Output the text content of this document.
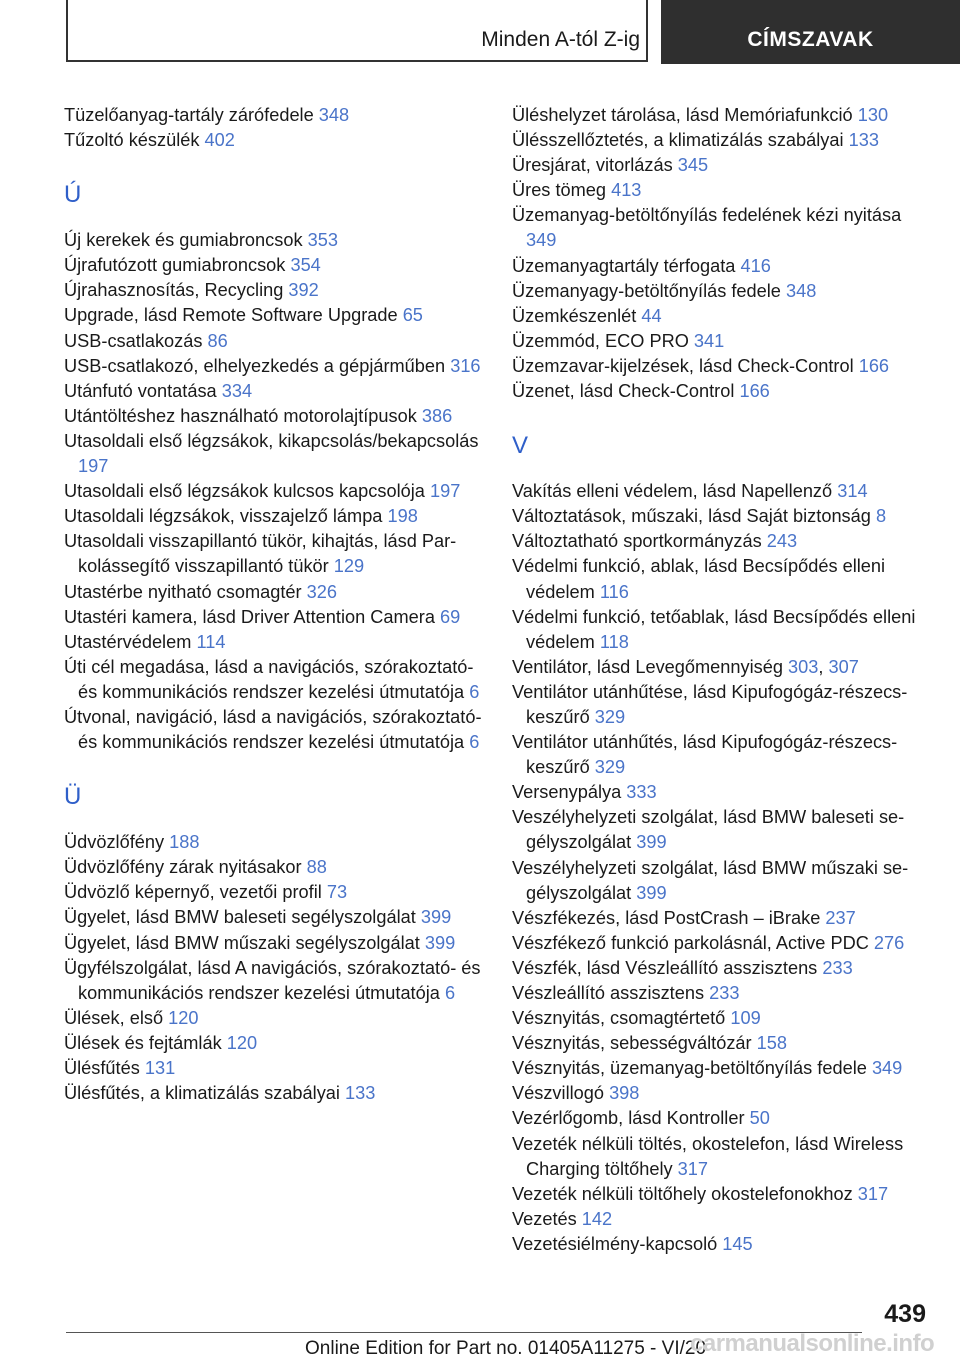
Minden A-tól Z-ig	CÍMSZAVAK
Tüzelőanyag-tartály zárófedele 348
Tűzoltó készülék 402
Ú
Új kerekek és gumiabroncsok 353
Újrafutózott gumiabroncsok 354
Újrahasznosítás, Recycling 392
Upgrade, lásd Remote Software Upgrade 65
USB-csatlakozás 86
USB-csatlakozó, elhelyezkedés a gépjárműben 316
Utánfutó vontatása 334
Utántöltéshez használható motorolajtípusok 386
Utasoldali első légzsákok, kikapcsolás/bekapcsolás 197
Utasoldali első légzsákok kulcsos kapcsolója 197
Utasoldali légzsákok, visszajelző lámpa 198
Utasoldali visszapillantó tükör, kihajtás, lásd Parkolássegítő visszapillantó tükör 129
Utastérbe nyitható csomagtér 326
Utastéri kamera, lásd Driver Attention Camera 69
Utastérvédelem 114
Úti cél megadása, lásd a navigációs, szórakoztató- és kommunikációs rendszer kezelési útmutatója 6
Útvonal, navigáció, lásd a navigációs, szórakoztató- és kommunikációs rendszer kezelési útmutatója 6
Ü
Üdvözlőfény 188
Üdvözlőfény zárak nyitásakor 88
Üdvözlő képernyő, vezetői profil 73
Ügyelet, lásd BMW baleseti segélyszolgálat 399
Ügyelet, lásd BMW műszaki segélyszolgálat 399
Ügyfélszolgálat, lásd A navigációs, szórakoztató- és kommunikációs rendszer kezelési útmutatója 6
Ülések, első 120
Ülések és fejtámlák 120
Ülésfűtés 131
Ülésfűtés, a klimatizálás szabályai 133
Üléshelyzet tárolása, lásd Memóriafunkció 130
Ülésszellőztetés, a klimatizálás szabályai 133
Üresjárat, vitorlázás 345
Üres tömeg 413
Üzemanyag-betöltőnyílás fedelének kézi nyitása 349
Üzemanyagtartály térfogata 416
Üzemanyagy-betöltőnyílás fedele 348
Üzemkészenlét 44
Üzemmód, ECO PRO 341
Üzemzavar-kijelzések, lásd Check-Control 166
Üzenet, lásd Check-Control 166
V
Vakítás elleni védelem, lásd Napellenző 314
Változtatások, műszaki, lásd Saját biztonság 8
Változtatható sportkormányzás 243
Védelmi funkció, ablak, lásd Becsípődés elleni védelem 116
Védelmi funkció, tetőablak, lásd Becsípődés elleni védelem 118
Ventilátor, lásd Levegőmennyiség 303, 307
Ventilátor utánhűtése, lásd Kipufogógáz-részecskeszűrő 329
Ventilátor utánhűtés, lásd Kipufogógáz-részecskeszűrő 329
Versenypálya 333
Veszélyhelyzeti szolgálat, lásd BMW baleseti segélyszolgálat 399
Veszélyhelyzeti szolgálat, lásd BMW műszaki segélyszolgálat 399
Vészfékezés, lásd PostCrash – iBrake 237
Vészfékező funkció parkolásnál, Active PDC 276
Vészfék, lásd Vészleállító asszisztens 233
Vészleállító asszisztens 233
Vésznyitás, csomagtértető 109
Vésznyitás, sebességváltózár 158
Vésznyitás, üzemanyag-betöltőnyílás fedele 349
Vészvillogó 398
Vezérlőgomb, lásd Kontroller 50
Vezeték nélküli töltés, okostelefon, lásd Wireless Charging töltőhely 317
Vezeték nélküli töltőhely okostelefonokhoz 317
Vezetés 142
Vezetésiélmény-kapcsoló 145
439
Online Edition for Part no. 01405A11275 - VI/20
carmanualsonline.info
